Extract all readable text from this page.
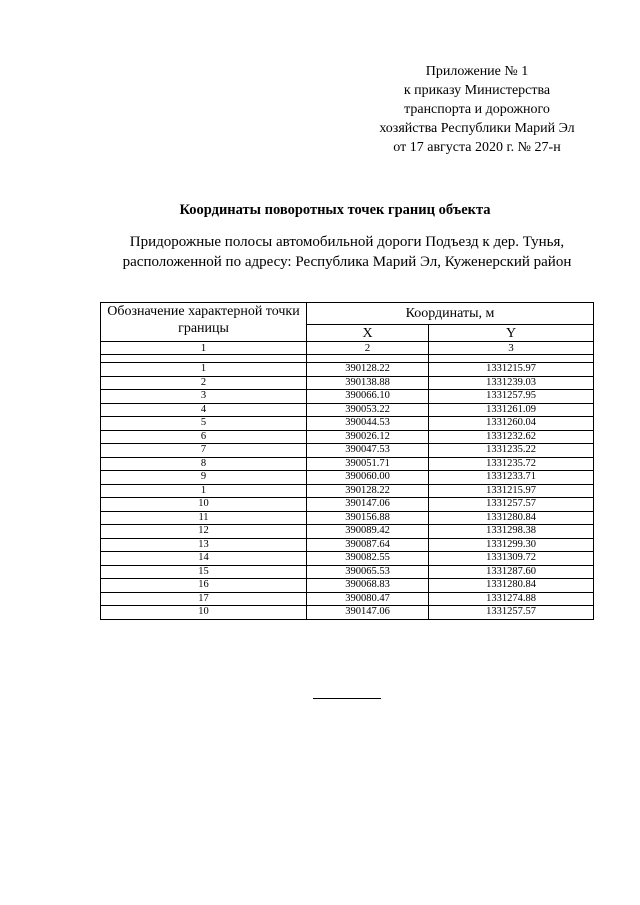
Приложение № 1
к приказу Министерства
транспорта и дорожного
хозяйства Республики Марий Эл
от 17 августа 2020 г. № 27-н
Координаты поворотных точек границ объекта
Придорожные полосы автомобильной дороги Подъезд к дер. Тунья,
расположенной по адресу: Республика Марий Эл, Куженерский район
Обозначение характерной точки границы	Координаты, м	
	X	Y
1	2	3

1	390128.22	1331215.97
2	390138.88	1331239.03
3	390066.10	1331257.95
4	390053.22	1331261.09
5	390044.53	1331260.04
6	390026.12	1331232.62
7	390047.53	1331235.22
8	390051.71	1331235.72
9	390060.00	1331233.71
1	390128.22	1331215.97
10	390147.06	1331257.57
11	390156.88	1331280.84
12	390089.42	1331298.38
13	390087.64	1331299.30
14	390082.55	1331309.72
15	390065.53	1331287.60
16	390068.83	1331280.84
17	390080.47	1331274.88
10	390147.06	1331257.57
